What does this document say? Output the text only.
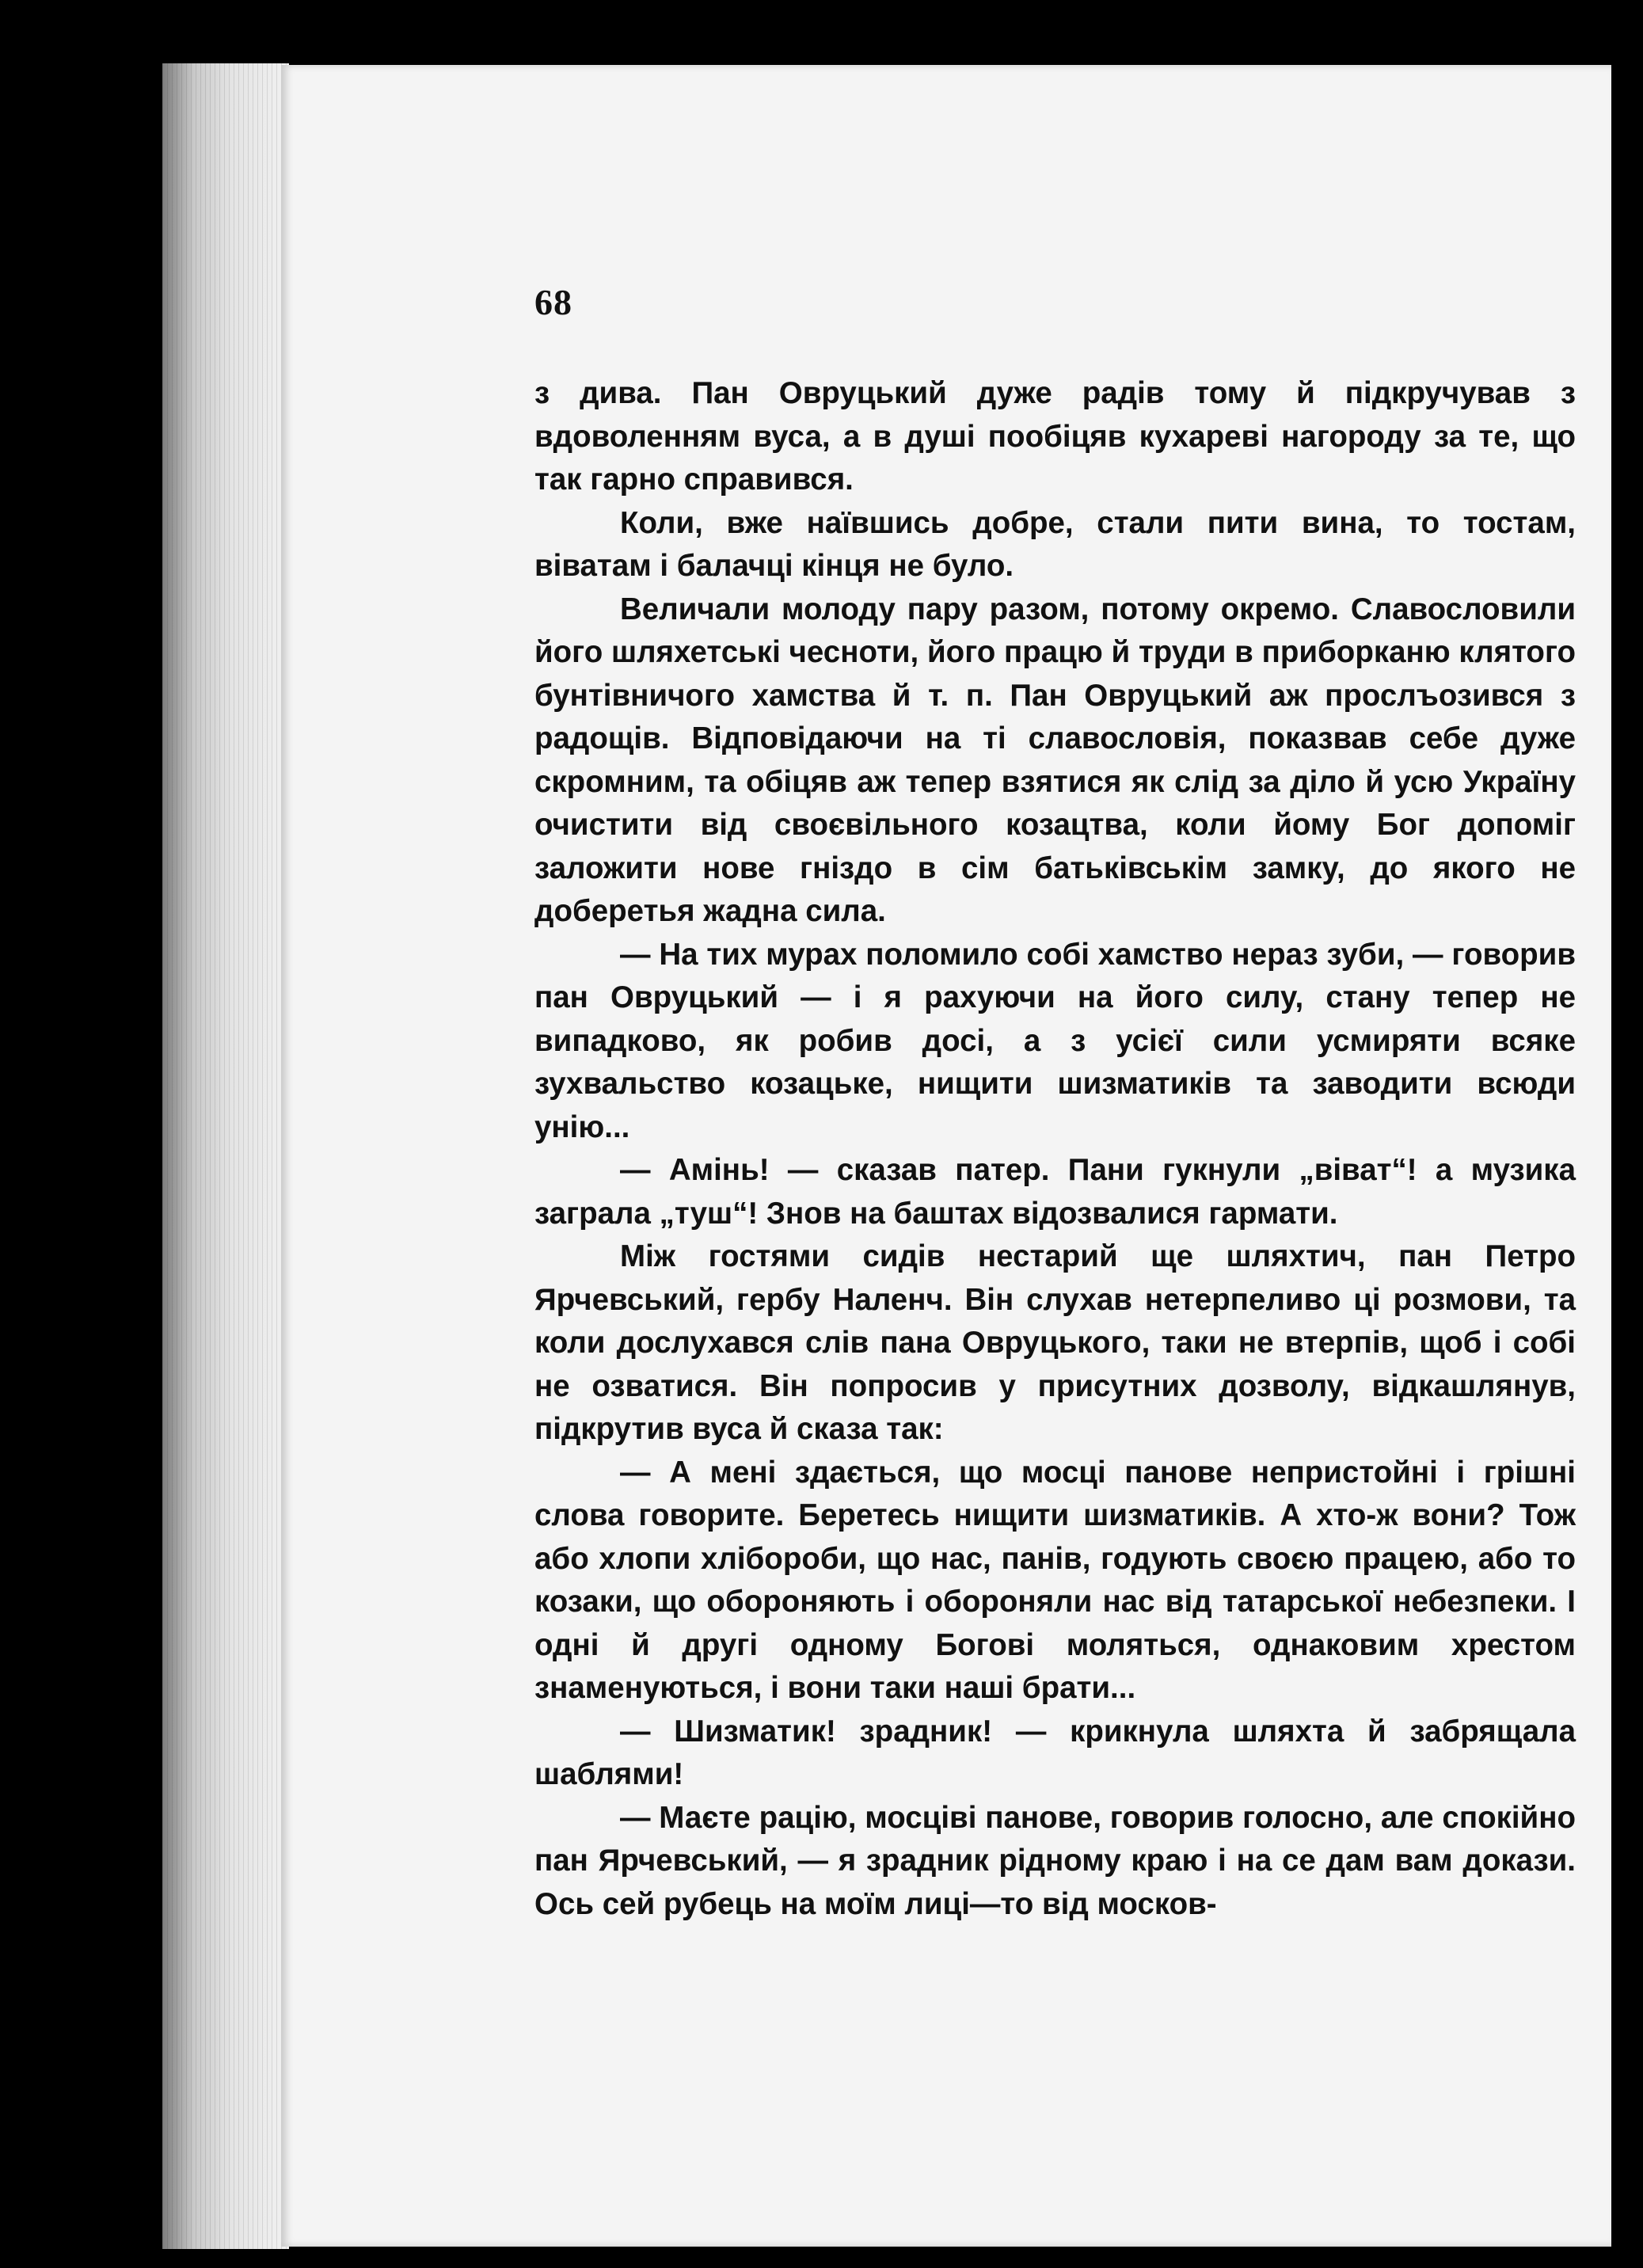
68

з дива. Пан Овруцький дуже радів тому й підкручував з вдоволенням вуса, а в душі пообіцяв кухареві нагороду за те, що так гарно справився.

Коли, вже наївшись добре, стали пити вина, то тостам, віватам і балачці кінця не було.

Величали молоду пару разом, потому окремо. Славословили його шляхетські чесноти, його працю й труди в приборканю клятого бунтівничого хамства й т. п. Пан Овруцький аж прослъозився з радощів. Відповідаючи на ті славословія, показвав себе дуже скромним, та обіцяв аж тепер взятися як слід за діло й усю Україну очистити від своєвільного козацтва, коли йому Бог допоміг заложити нове гніздо в сім батьківськім замку, до якого не доберетья жадна сила.

— На тих мурах поломило собі хамство нераз зуби, — говорив пан Овруцький — і я рахуючи на його силу, стану тепер не випадково, як робив досі, а з усієї сили усмиряти всяке зухвальство козацьке, нищити шизматиків та заводити всюди унію...

— Амінь! — сказав патер. Пани гукнули „віват“! а музика заграла „туш“! Знов на баштах відозвалися гармати.

Між гостями сидів нестарий ще шляхтич, пан Петро Ярчевський, гербу Наленч. Він слухав нетерпеливо ці розмови, та коли дослухався слів пана Овруцького, таки не втерпів, щоб і собі не озватися. Він попросив у присутних дозволу, відкашлянув, підкрутив вуса й сказа так:

— А мені здається, що мосці панове непристойні і грішні слова говорите. Беретесь нищити шизматиків. А хто-ж вони? Тож або хлопи хлібороби, що нас, панів, годують своєю працею, або то козаки, що обороняють і обороняли нас від татарської небезпеки. І одні й другі одному Богові моляться, однаковим хрестом знаменуються, і вони таки наші брати...

— Шизматик! зрадник! — крикнула шляхта й забрящала шаблями!

— Маєте рацію, мосціві панове, говорив голосно, але спокійно пан Ярчевський, — я зрадник рідному краю і на се дам вам докази. Ось сей рубець на моїм лиці—то від москов-
